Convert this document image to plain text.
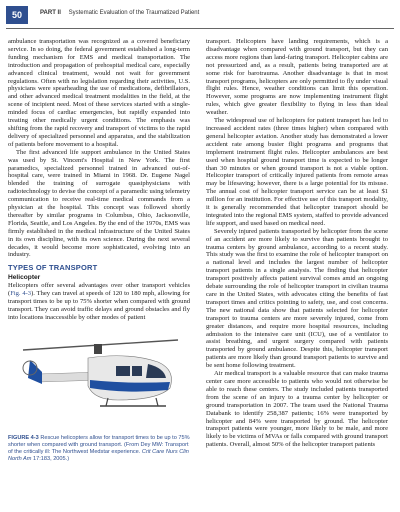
50	PART II Systematic Evaluation of the Traumatized Patient

ambulance transportation was recognized as a covered beneficiary service. In so doing, the federal government established a long-term funding mechanism for EMS and medical transportation. The introduction and propagation of prehospital medical care, especially advanced clinical treatment, would not wait for government regulations. Often with no legislation regarding their activities, U.S. physicians were spearheading the use of medications, defibrillators, and other advanced medical treatment modalities in the field, at the scene of incipient need. Most of these services started with a single-minded focus of cardiac emergencies, but rapidly expanded into treating other medically urgent conditions. The emphasis was shifting from the rapid recovery and transport of victims to the rapid delivery of specialized personnel and apparatus, and the stabilization of patients before movement to a hospital.

The first advanced life support ambulance in the United States was used by St. Vincent's Hospital in New York. The first paramedics, specialized personnel trained in advanced out-of-hospital care, were trained in Miami in 1968. Dr. Eugene Nagel blended the training of surrogate quasiphysicians with radiotechnology to devise the concept of a paramedic using telemetry communication to receive real-time medical commands from a physician at the hospital. This concept was followed shortly thereafter by similar programs in Columbus, Ohio, Jacksonville, Florida, Seattle, and Los Angeles. By the end of the 1970s, EMS was firmly established in the medical infrastructure of the United States in its own discipline, with its own science. During the next several decades, it would become more sophisticated, evolving into an industry.

TYPES OF TRANSPORT
Helicopter

Helicopters offer several advantages over other transport vehicles (Fig. 4-3). They can travel at speeds of 120 to 180 mph, allowing for transport times to be up to 75% shorter when compared with ground transport. They can avoid traffic delays and ground obstacles and fly into locations inaccessible by other modes of patient

FIGURE 4-3 Rescue helicopters allow for transport times to be up to 75% shorter when compared with ground transport. (From Dey MW: Transport of the critically ill: The Northwest Medstar experience. Crit Care Nurs Clin North Am 17:183, 2005.)

transport. Helicopters have landing requirements, which is a disadvantage when compared with ground transport, but they can access more regions than land-faring transport. Helicopter cabins are not pressurized and, as a result, patients being transported are at some risk for barotrauma. Another disadvantage is that in most transport programs, helicopters are only permitted to fly under visual flight rules. Hence, weather conditions can limit this operation. However, some programs are now implementing instrument flight rules, which give greater flexibility to flying in less than ideal weather.

The widespread use of helicopters for patient transport has led to increased accident rates (three times higher) when compared with general helicopter aviation. Another study has demonstrated a lower accident rate among busier flight programs and programs that implement instrument flight rules. Helicopter ambulances are best used when hospital ground transport time is expected to be longer than 30 minutes or when ground transport is not a viable option. Helicopter transport of critically injured patients from remote areas may be lifesaving; however, there is a large potential for its misuse. The annual cost of helicopter transport service can be at least $1 million for an institution. For effective use of this transport modality, it is generally recommended that helicopter transport should be integrated into the regional EMS system, staffed to provide advanced life support, and used based on medical need.

Severely injured patients transported by helicopter from the scene of an accident are more likely to survive than patients brought to trauma centers by ground ambulance, according to a recent study. This study was the first to examine the role of helicopter transport on a national level and includes the largest number of helicopter transport patients in a single analysis. The finding that helicopter transport positively affects patient survival comes amid an ongoing debate surrounding the role of helicopter transport in civilian trauma care in the United States, with advocates citing the benefits of fast transport times and critics pointing to safety, use, and cost concerns. The new national data show that patients selected for helicopter transport to trauma centers are more severely injured, come from greater distances, and require more hospital resources, including admission to the intensive care unit (ICU), use of a ventilator to assist breathing, and urgent surgery compared with patients transported by ground ambulance. Despite this, helicopter transport patients are more likely than ground transport patients to survive and be sent home following treatment.

Air medical transport is a valuable resource that can make trauma center care more accessible to patients who would not otherwise be able to reach these centers. The study included patients transported from the scene of an injury to a trauma center by helicopter or ground transportation in 2007. The team used the National Trauma Databank to identify 258,387 patients; 16% were transported by helicopter and 84% were transported by ground. The helicopter transport patients were younger, more likely to be male, and more likely to be victims of MVAs or falls compared with ground transport patients. Overall, almost 50% of the helicopter transport patients
